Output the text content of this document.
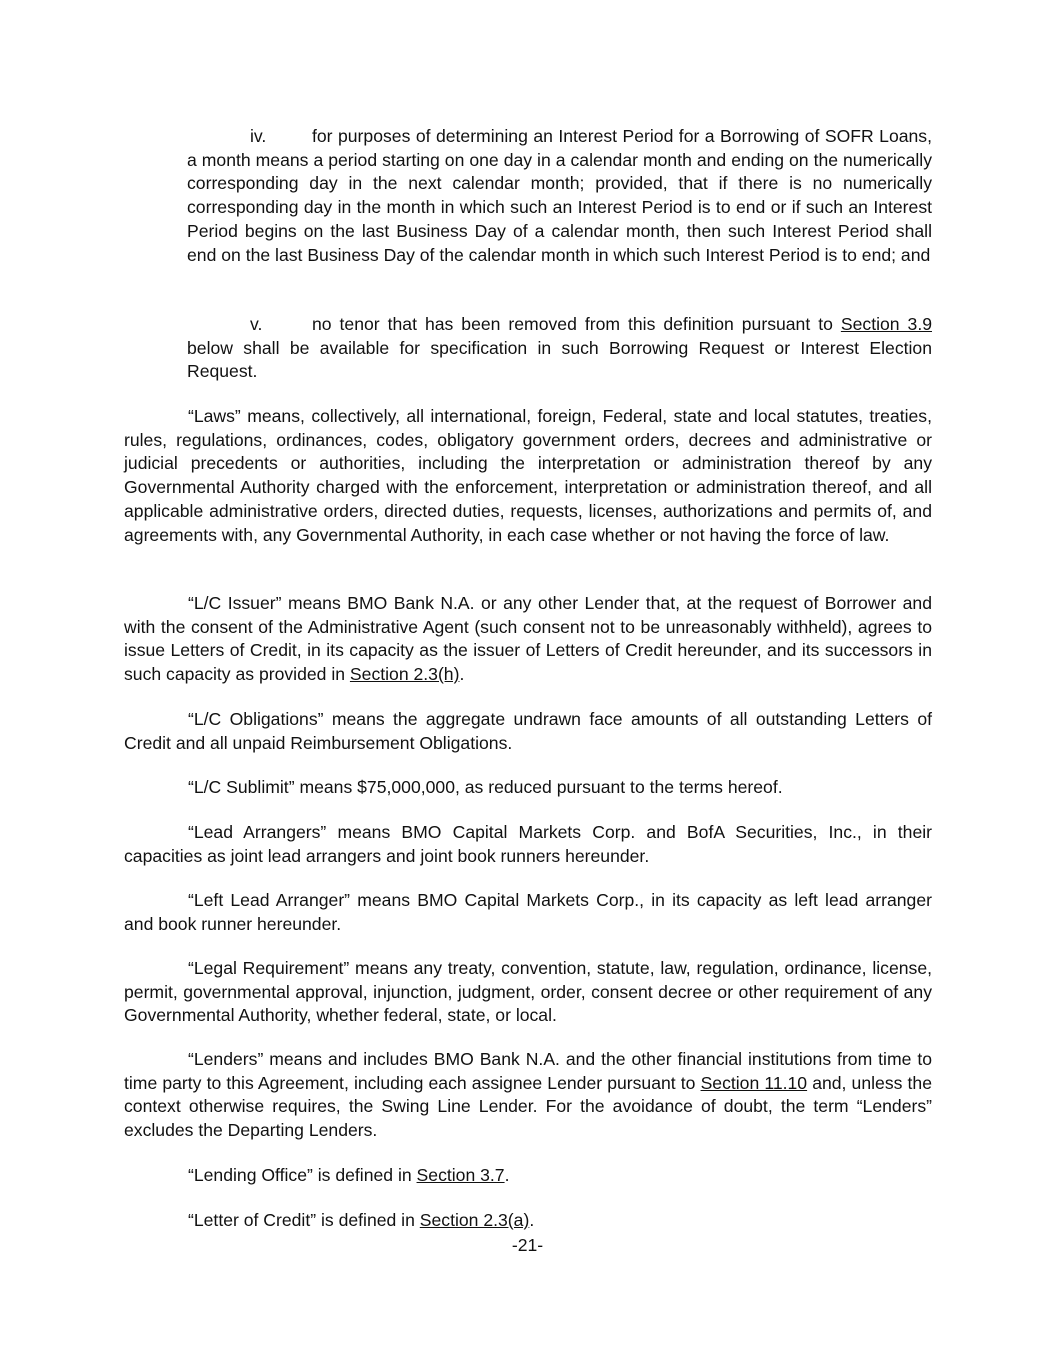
iv.	for purposes of determining an Interest Period for a Borrowing of SOFR Loans, a month means a period starting on one day in a calendar month and ending on the numerically corresponding day in the next calendar month; provided, that if there is no numerically corresponding day in the month in which such an Interest Period is to end or if such an Interest Period begins on the last Business Day of a calendar month, then such Interest Period shall end on the last Business Day of the calendar month in which such Interest Period is to end; and

v.	no tenor that has been removed from this definition pursuant to Section 3.9 below shall be available for specification in such Borrowing Request or Interest Election Request.

“Laws” means, collectively, all international, foreign, Federal, state and local statutes, treaties, rules, regulations, ordinances, codes, obligatory government orders, decrees and administrative or judicial precedents or authorities, including the interpretation or administration thereof by any Governmental Authority charged with the enforcement, interpretation or administration thereof, and all applicable administrative orders, directed duties, requests, licenses, authorizations and permits of, and agreements with, any Governmental Authority, in each case whether or not having the force of law.

“L/C Issuer” means BMO Bank N.A. or any other Lender that, at the request of Borrower and with the consent of the Administrative Agent (such consent not to be unreasonably withheld), agrees to issue Letters of Credit, in its capacity as the issuer of Letters of Credit hereunder, and its successors in such capacity as provided in Section 2.3(h).

“L/C Obligations” means the aggregate undrawn face amounts of all outstanding Letters of Credit and all unpaid Reimbursement Obligations.

“L/C Sublimit” means $75,000,000, as reduced pursuant to the terms hereof.

“Lead Arrangers” means BMO Capital Markets Corp. and BofA Securities, Inc., in their capacities as joint lead arrangers and joint book runners hereunder.

“Left Lead Arranger” means BMO Capital Markets Corp., in its capacity as left lead arranger and book runner hereunder.

“Legal Requirement” means any treaty, convention, statute, law, regulation, ordinance, license, permit, governmental approval, injunction, judgment, order, consent decree or other requirement of any Governmental Authority, whether federal, state, or local.

“Lenders” means and includes BMO Bank N.A. and the other financial institutions from time to time party to this Agreement, including each assignee Lender pursuant to Section 11.10 and, unless the context otherwise requires, the Swing Line Lender. For the avoidance of doubt, the term “Lenders” excludes the Departing Lenders.

“Lending Office” is defined in Section 3.7.

“Letter of Credit” is defined in Section 2.3(a).

-21-
